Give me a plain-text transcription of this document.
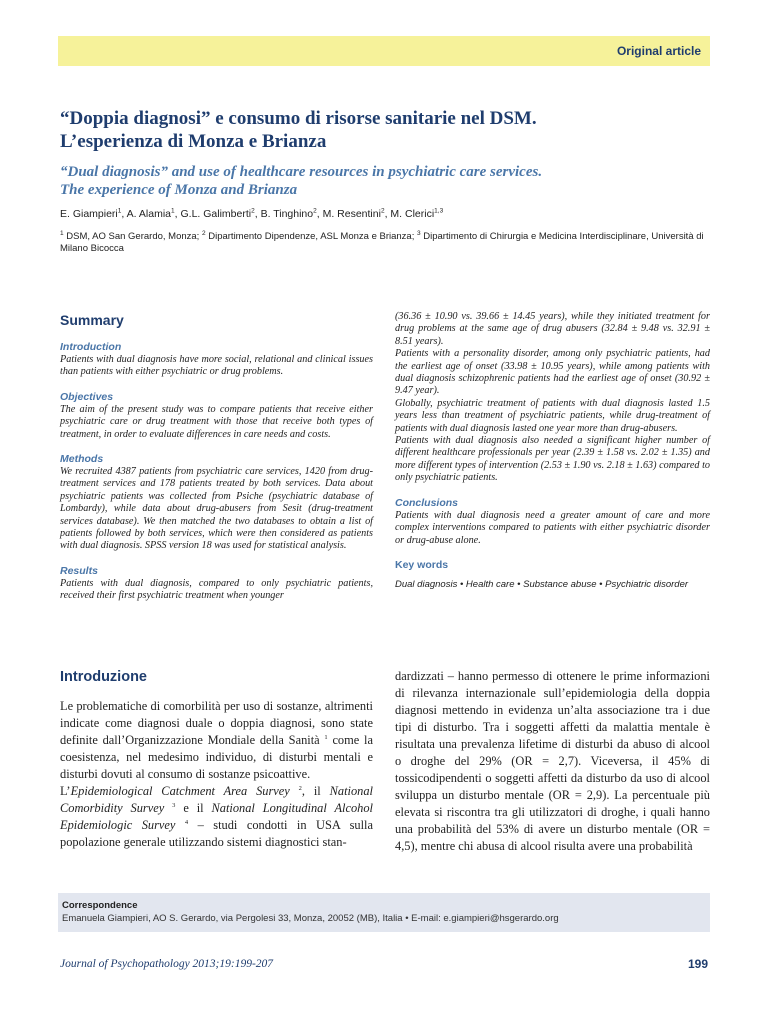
Original article
“Doppia diagnosi” e consumo di risorse sanitarie nel DSM.
L’esperienza di Monza e Brianza
“Dual diagnosis” and use of healthcare resources in psychiatric care services.
The experience of Monza and Brianza
E. Giampieri$^1$, A. Alamia$^1$, G.L. Galimberti$^2$, B. Tinghino$^2$, M. Resentini$^2$, M. Clerici$^{1,3}$
$^1$ DSM, AO San Gerardo, Monza; $^2$ Dipartimento Dipendenze, ASL Monza e Brianza; $^3$ Dipartimento di Chirurgia e Medicina Interdisciplinare, Università di Milano Bicocca
Summary

Introduction

Patients with dual diagnosis have more social, relational and clinical issues than patients with either psychiatric or drug problems.

Objectives

The aim of the present study was to compare patients that receive either psychiatric care or drug treatment with those that receive both types of treatment, in order to evaluate differences in care needs and costs.

Methods

We recruited 4387 patients from psychiatric care services, 1420 from drug-treatment services and 178 patients treated by both services. Data about psychiatric patients was collected from Psiche (psychiatric database of Lombardy), while data about drug-abusers from Sesit (drug-treatment services database). We then matched the two databases to obtain a list of patients followed by both services, which were then considered as patients with dual diagnosis. SPSS version 18 was used for statistical analysis.

Results

Patients with dual diagnosis, compared to only psychiatric patients, received their first psychiatric treatment when younger

(36.36 ± 10.90 vs. 39.66 ± 14.45 years), while they initiated treatment for drug problems at the same age of drug abusers (32.84 ± 9.48 vs. 32.91 ± 8.51 years).

Patients with a personality disorder, among only psychiatric patients, had the earliest age of onset (33.98 ± 10.95 years), while among patients with dual diagnosis schizophrenic patients had the earliest age of onset (30.92 ± 9.47 year).

Globally, psychiatric treatment of patients with dual diagnosis lasted 1.5 years less than treatment of psychiatric patients, while drug-treatment of patients with dual diagnosis lasted one year more than drug-abusers.

Patients with dual diagnosis also needed a significant higher number of different healthcare professionals per year (2.39 ± 1.58 vs. 2.02 ± 1.35) and more different types of intervention (2.53 ± 1.90 vs. 2.18 ± 1.63) compared to only psychiatric patients.

Conclusions

Patients with dual diagnosis need a greater amount of care and more complex interventions compared to patients with either psychiatric disorder or drug-abuse alone.

Key words

Dual diagnosis • Health care • Substance abuse • Psychiatric disorder

Introduzione

Le problematiche di comorbilità per uso di sostanze, altrimenti indicate come diagnosi duale o doppia diagnosi, sono state definite dall’Organizzazione Mondiale della Sanità $^1$ come la coesistenza, nel medesimo individuo, di disturbi mentali e disturbi dovuti al consumo di sostanze psicoattive.

L’Epidemiological Catchment Area Survey $^2$, il National Comorbidity Survey $^3$ e il National Longitudinal Alcohol Epidemiologic Survey $^4$ – studi condotti in USA sulla popolazione generale utilizzando sistemi diagnostici stan-

dardizzati – hanno permesso di ottenere le prime informazioni di rilevanza internazionale sull’epidemiologia della doppia diagnosi mettendo in evidenza un’alta associazione tra i due tipi di disturbo. Tra i soggetti affetti da malattia mentale è risultata una prevalenza lifetime di disturbi da abuso di alcool o droghe del 29% (OR = 2,7). Viceversa, il 45% di tossicodipendenti o soggetti affetti da disturbo da uso di alcool sviluppa un disturbo mentale (OR = 2,9). La percentuale più elevata si riscontra tra gli utilizzatori di droghe, i quali hanno una probabilità del 53% di avere un disturbo mentale (OR = 4,5), mentre chi abusa di alcool risulta avere una probabilità

Correspondence
Emanuela Giampieri, AO S. Gerardo, via Pergolesi 33, Monza, 20052 (MB), Italia • E-mail: e.giampieri@hsgerardo.org
Journal of Psychopathology 2013;19:199-207	199
